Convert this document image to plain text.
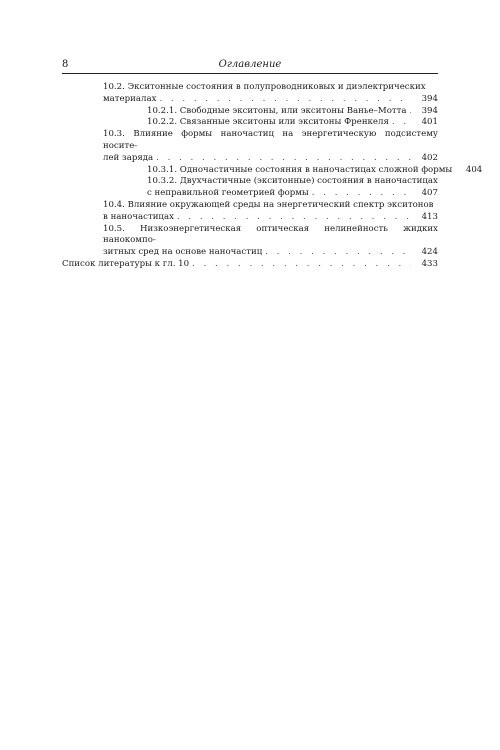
8	Оглавление
10.2. Экситонные состояния в полупроводниковых и диэлектрических
материалах . . .	394
10.2.1. Свободные экситоны, или экситоны Ванье–Мотта . . .	394
10.2.2. Связанные экситоны или экситоны Френкеля . . .	401
10.3. Влияние формы наночастиц на энергетическую подсистему носите-
лей заряда . . .	402
10.3.1. Одночастичные состояния в наночастицах сложной формы	404
10.3.2. Двухчастичные (экситонные) состояния в наночастицах
с неправильной геометрией формы . . .	407
10.4. Влияние окружающей среды на энергетический спектр экситонов
в наночастицах . . .	413
10.5. Низкоэнергетическая оптическая нелинейность жидких нанокомпо-
зитных сред на основе наночастиц . . .	424
Список литературы к гл. 10 . . .	433
